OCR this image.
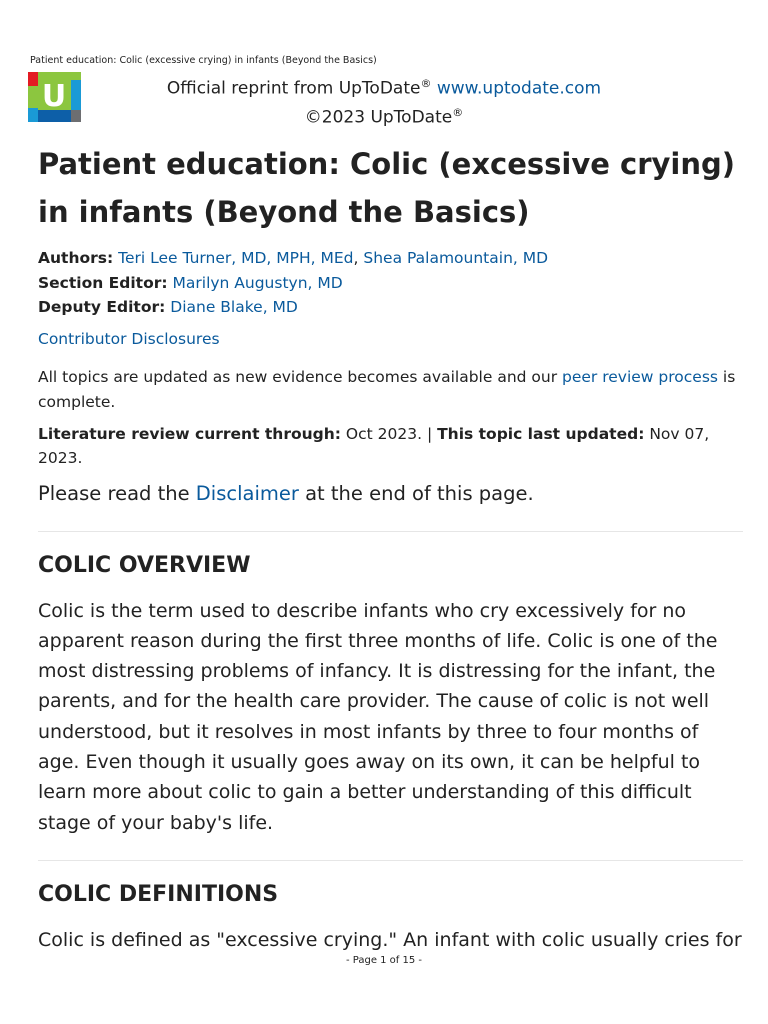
Patient education: Colic (excessive crying) in infants (Beyond the Basics)
U	Official reprint from UpToDate® www.uptodate.com
©2023 UpToDate®
Patient education: Colic (excessive crying) in infants (Beyond the Basics)
Authors: Teri Lee Turner, MD, MPH, MEd, Shea Palamountain, MD
Section Editor: Marilyn Augustyn, MD
Deputy Editor: Diane Blake, MD
Contributor Disclosures
All topics are updated as new evidence becomes available and our peer review process is complete.
Literature review current through: Oct 2023. | This topic last updated: Nov 07, 2023.
Please read the Disclaimer at the end of this page.
COLIC OVERVIEW

Colic is the term used to describe infants who cry excessively for no apparent reason during the first three months of life. Colic is one of the most distressing problems of infancy. It is distressing for the infant, the parents, and for the health care provider. The cause of colic is not well understood, but it resolves in most infants by three to four months of age. Even though it usually goes away on its own, it can be helpful to learn more about colic to gain a better understanding of this difficult stage of your baby's life.

COLIC DEFINITIONS

Colic is defined as "excessive crying." An infant with colic usually cries for

- Page 1 of 15 -
